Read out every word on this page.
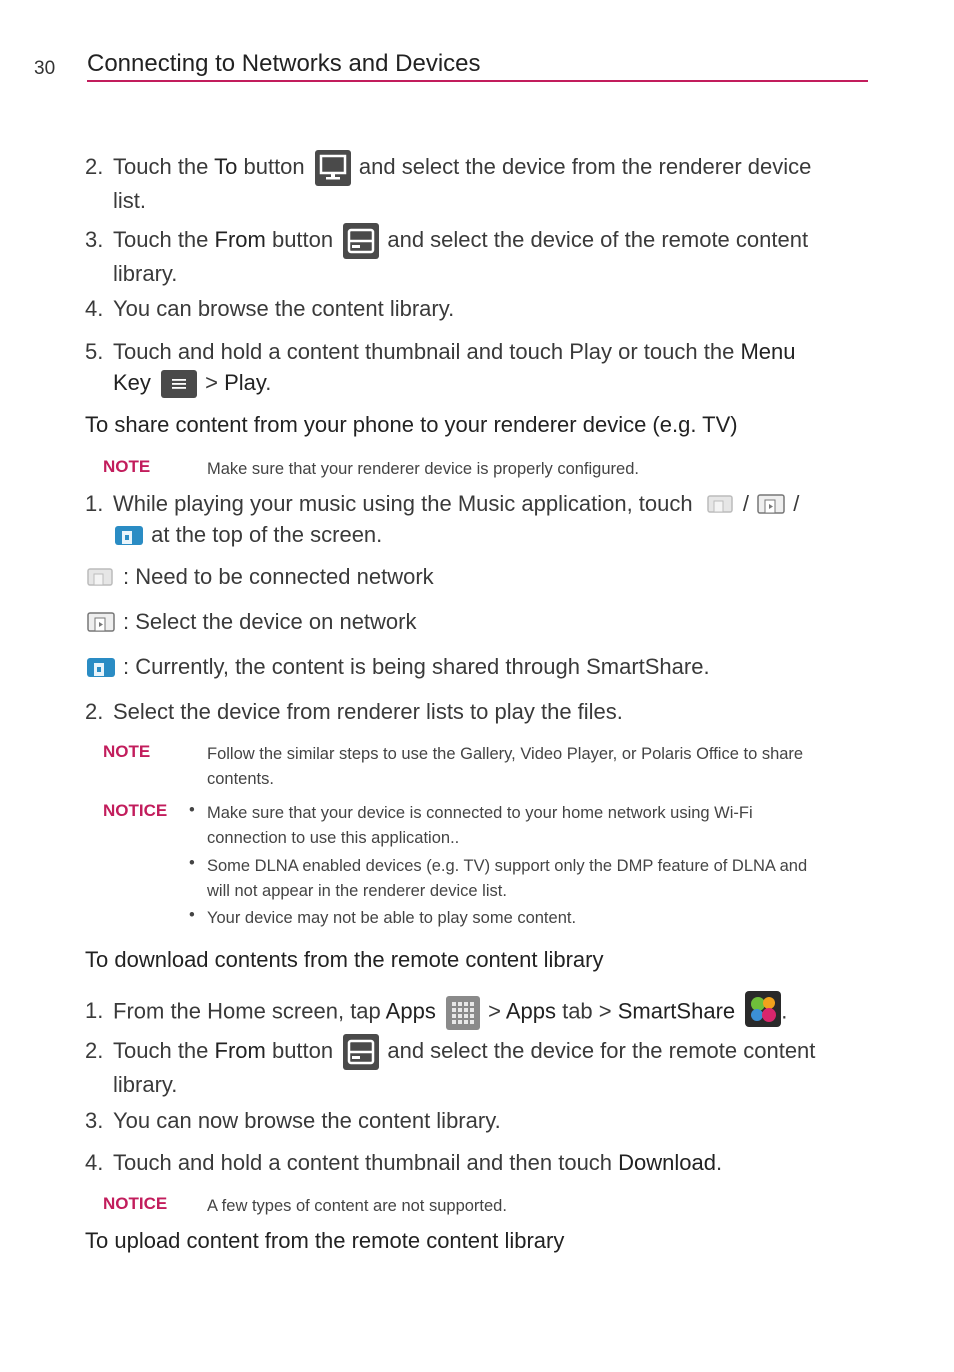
30 Connecting to Networks and Devices
2. Touch the To button  and select the device from the renderer device
list.
3. Touch the From button  and select the device of the remote content
library.
4. You can browse the content library.
5. Touch and hold a content thumbnail and touch Play or touch the Menu
Key  > Play.
To share content from your phone to your renderer device (e.g. TV)
NOTE	Make sure that your renderer device is properly configured.
1. While playing your music using the Music application, touch / /
at the top of the screen.
: Need to be connected network
: Select the device on network
: Currently, the content is being shared through SmartShare.
2. Select the device from renderer lists to play the files.
NOTE	Follow the similar steps to use the Gallery, Video Player, or Polaris Office to share
contents.
NOTICE • Make sure that your device is connected to your home network using Wi-Fi
connection to use this application..
• Some DLNA enabled devices (e.g. TV) support only the DMP feature of DLNA and
will not appear in the renderer device list.
• Your device may not be able to play some content.
To download contents from the remote content library
1. From the Home screen, tap Apps  > Apps tab > SmartShare .
2. Touch the From button  and select the device for the remote content
library.
3. You can now browse the content library.
4. Touch and hold a content thumbnail and then touch Download.
NOTICE A few types of content are not supported.
To upload content from the remote content library
